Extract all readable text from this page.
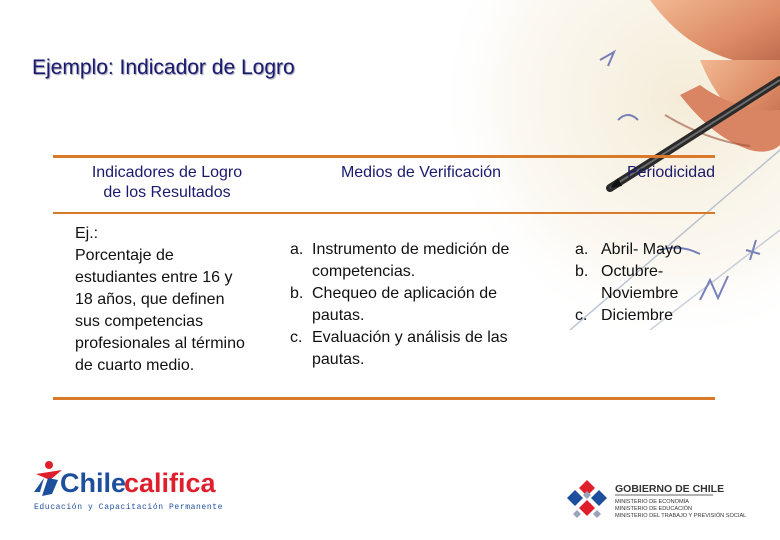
Ejemplo: Indicador de Logro
Indicadores de Logro
de los Resultados
Medios de Verificación	Periodicidad
Ej.:
Porcentaje de
estudiantes entre 16 y
18 años, que definen
sus competencias
profesionales al término
de cuarto medio.
a. Instrumento de medición de
competencias.
b. Chequeo de aplicación de
pautas.
c. Evaluación y análisis de las
pautas.
a. Abril- Mayo
b. Octubre-
Noviembre
c. Diciembre
Chile
califica
Educación y Capacitación Permanente
GOBIERNO DE CHILE
MINISTERIO DE ECONOMÍA
MINISTERIO DE EDUCACIÓN
MINISTERIO DEL TRABAJO Y PREVISIÓN SOCIAL
